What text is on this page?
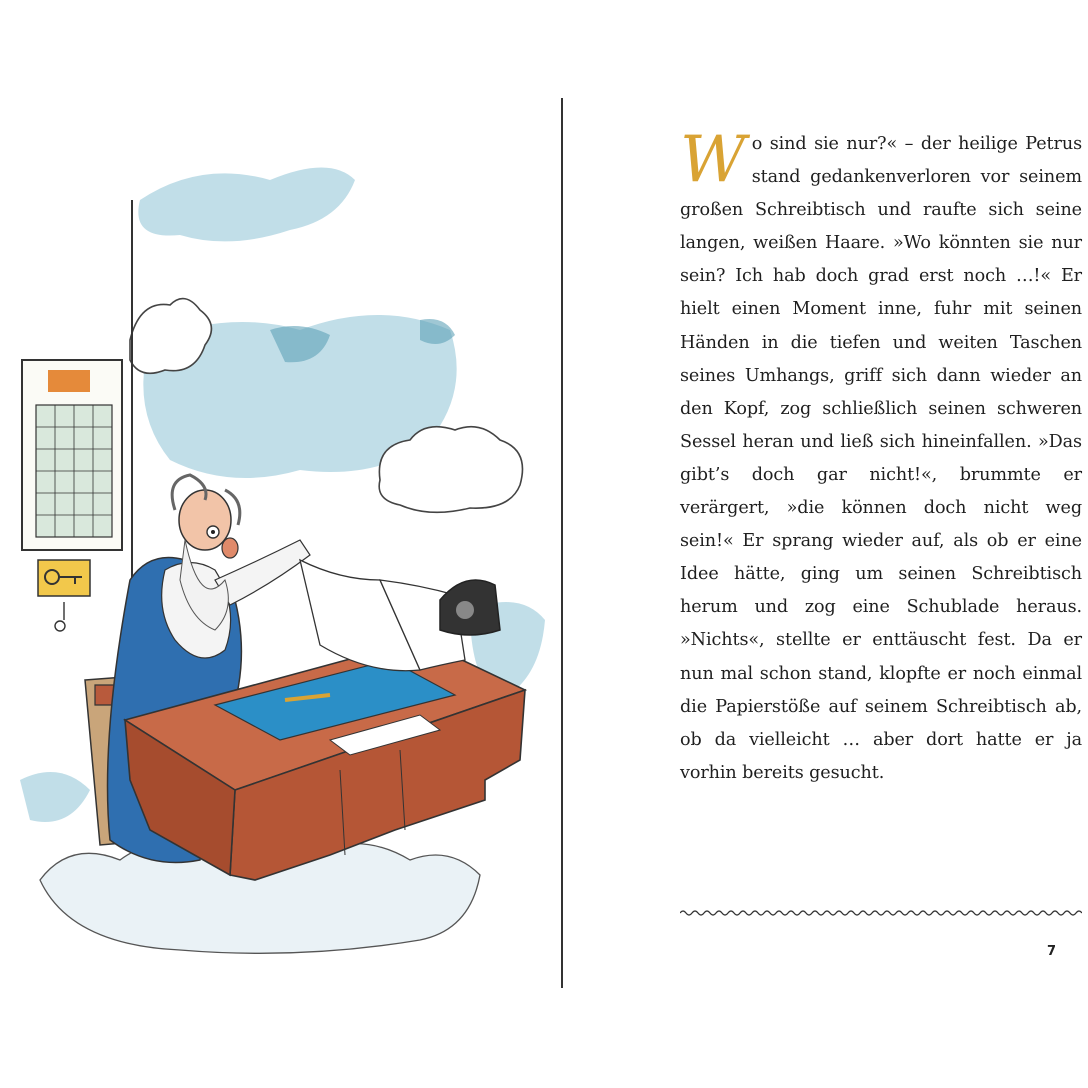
Wo sind sie nur?« – der heilige Petrus stand gedankenverloren vor seinem großen Schreibtisch und raufte sich seine langen, weißen Haare. »Wo könnten sie nur sein? Ich hab doch grad erst noch …!« Er hielt einen Moment inne, fuhr mit seinen Händen in die tiefen und weiten Taschen seines Umhangs, griff sich dann wieder an den Kopf, zog schließlich seinen schweren Sessel heran und ließ sich hineinfallen. »Das gibt’s doch gar nicht!«, brummte er verärgert, »die können doch nicht weg sein!« Er sprang wieder auf, als ob er eine Idee hätte, ging um seinen Schreibtisch herum und zog eine Schublade heraus. »Nichts«, stellte er enttäuscht fest. Da er nun mal schon stand, klopfte er noch einmal die Papierstöße auf seinem Schreibtisch ab, ob da vielleicht … aber dort hatte er ja vorhin bereits gesucht.

7
